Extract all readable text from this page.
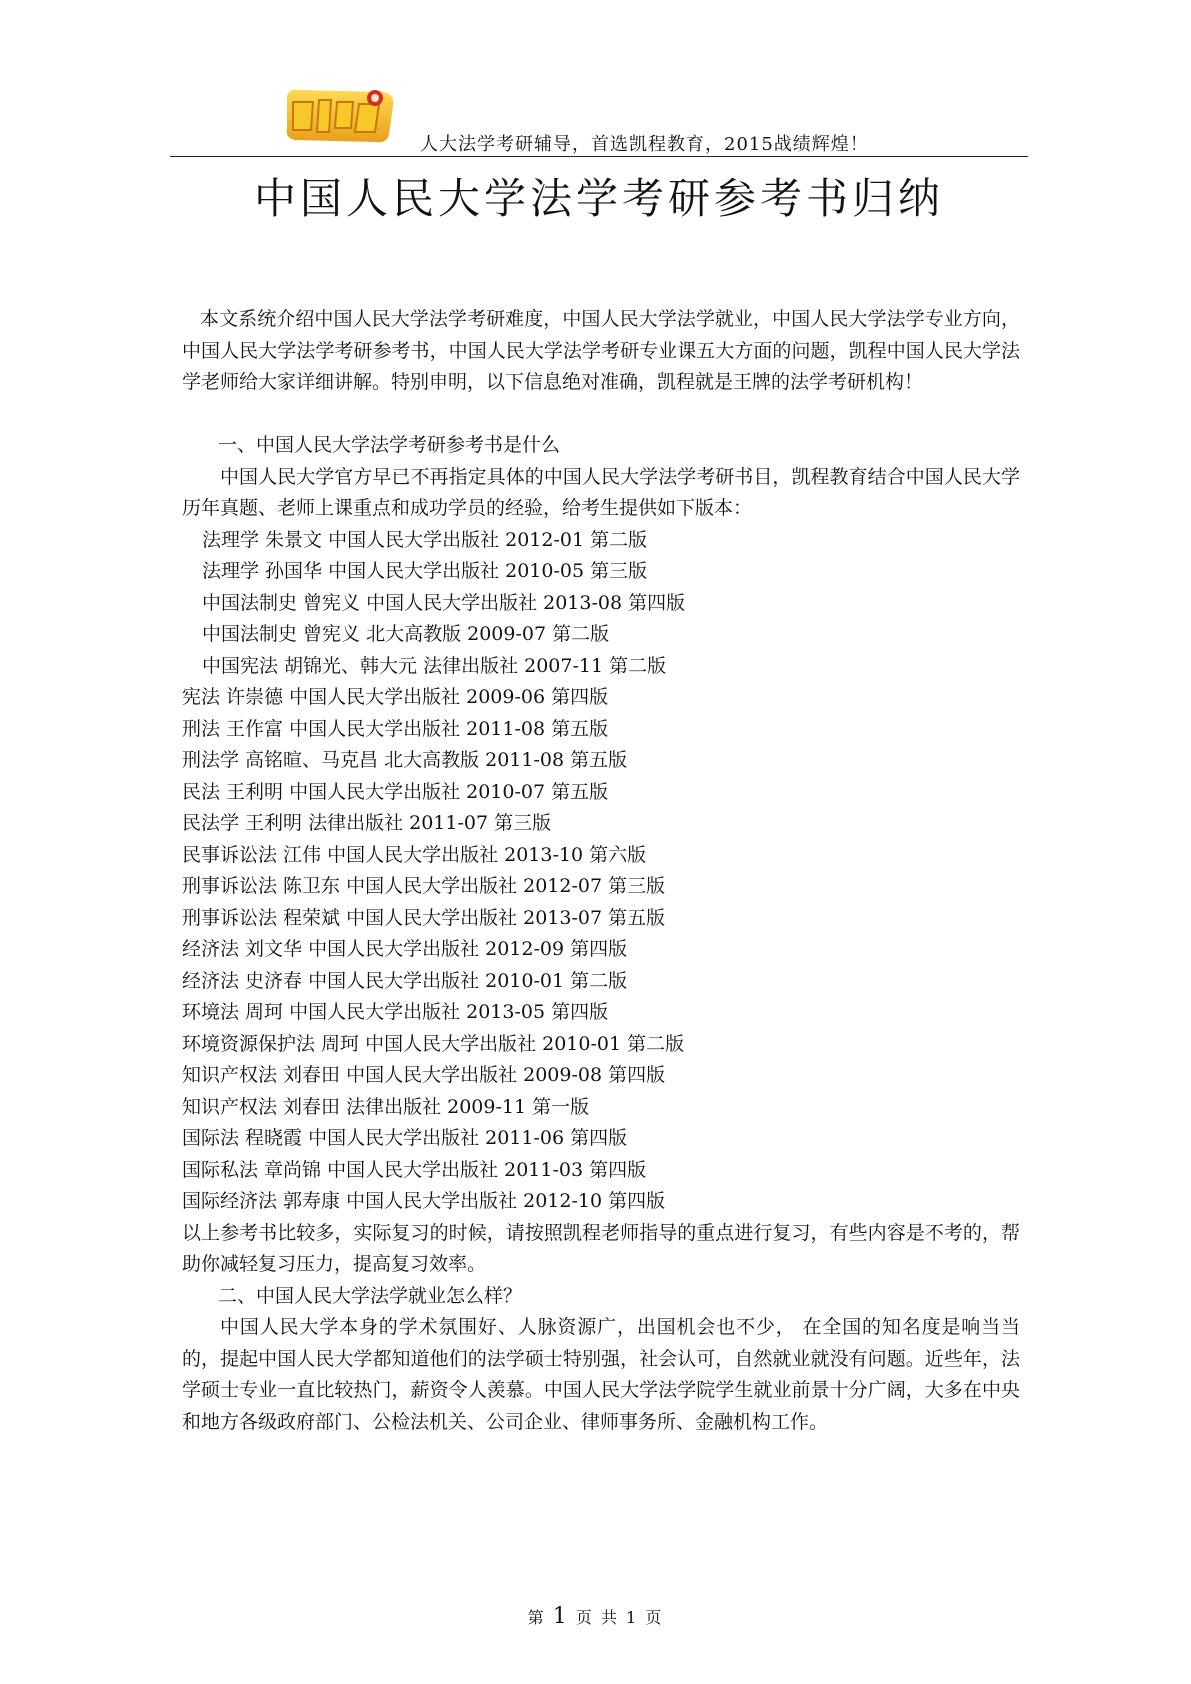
人大法学考研辅导，首选凯程教育，2015战绩辉煌！
中国人民大学法学考研参考书归纳

本文系统介绍中国人民大学法学考研难度，中国人民大学法学就业，中国人民大学法学专业方向，中国人民大学法学考研参考书，中国人民大学法学考研专业课五大方面的问题，凯程中国人民大学法学老师给大家详细讲解。特别申明，以下信息绝对准确，凯程就是王牌的法学考研机构！

一、中国人民大学法学考研参考书是什么

中国人民大学官方早已不再指定具体的中国人民大学法学考研书目，凯程教育结合中国人民大学历年真题、老师上课重点和成功学员的经验，给考生提供如下版本：

法理学 朱景文 中国人民大学出版社 2012-01 第二版
法理学 孙国华 中国人民大学出版社 2010-05 第三版
中国法制史 曾宪义 中国人民大学出版社 2013-08 第四版
中国法制史 曾宪义 北大高教版 2009-07 第二版
中国宪法 胡锦光、韩大元 法律出版社 2007-11 第二版
宪法 许崇德 中国人民大学出版社 2009-06 第四版
刑法 王作富 中国人民大学出版社 2011-08 第五版
刑法学 高铭暄、马克昌 北大高教版 2011-08 第五版
民法 王利明 中国人民大学出版社 2010-07 第五版
民法学 王利明 法律出版社 2011-07 第三版
民事诉讼法 江伟 中国人民大学出版社 2013-10 第六版
刑事诉讼法 陈卫东 中国人民大学出版社 2012-07 第三版
刑事诉讼法 程荣斌 中国人民大学出版社 2013-07 第五版
经济法 刘文华 中国人民大学出版社 2012-09 第四版
经济法 史济春 中国人民大学出版社 2010-01 第二版
环境法 周珂 中国人民大学出版社 2013-05 第四版
环境资源保护法 周珂 中国人民大学出版社 2010-01 第二版
知识产权法 刘春田 中国人民大学出版社 2009-08 第四版
知识产权法 刘春田 法律出版社 2009-11 第一版
国际法 程晓霞 中国人民大学出版社 2011-06 第四版
国际私法 章尚锦 中国人民大学出版社 2011-03 第四版
国际经济法 郭寿康 中国人民大学出版社 2012-10 第四版

以上参考书比较多，实际复习的时候，请按照凯程老师指导的重点进行复习，有些内容是不考的，帮助你减轻复习压力，提高复习效率。

二、中国人民大学法学就业怎么样？

中国人民大学本身的学术氛围好、人脉资源广，出国机会也不少， 在全国的知名度是响当当的，提起中国人民大学都知道他们的法学硕士特别强，社会认可，自然就业就没有问题。近些年，法学硕士专业一直比较热门，薪资令人羡慕。中国人民大学法学院学生就业前景十分广阔，大多在中央和地方各级政府部门、公检法机关、公司企业、律师事务所、金融机构工作。

第 1 页 共 1 页
